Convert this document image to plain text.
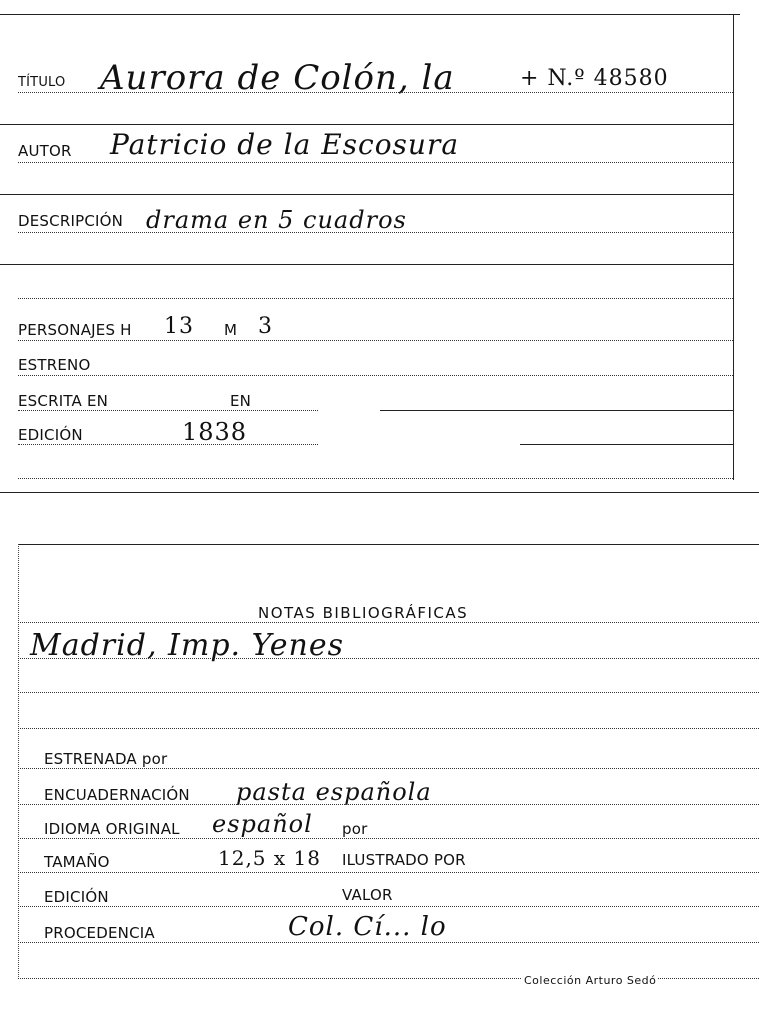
TÍTULO Aurora de Colón, la	+ N.º 48580
AUTOR Patricio de la Escosura
DESCRIPCIÓN drama en 5 cuadros
PERSONAJES H 13 M 3
ESTRENO
ESCRITA EN	EN
EDICIÓN	1838
NOTAS BIBLIOGRÁFICAS
Madrid, Imp. Yenes
ESTRENADA por
ENCUADERNACIÓN pasta española
IDIOMA ORIGINAL español por
TAMAÑO	12,5 x 18 ILUSTRADO POR
EDICIÓN	VALOR
PROCEDENCIA	Col. Cí... lo
Colección Arturo Sedó
